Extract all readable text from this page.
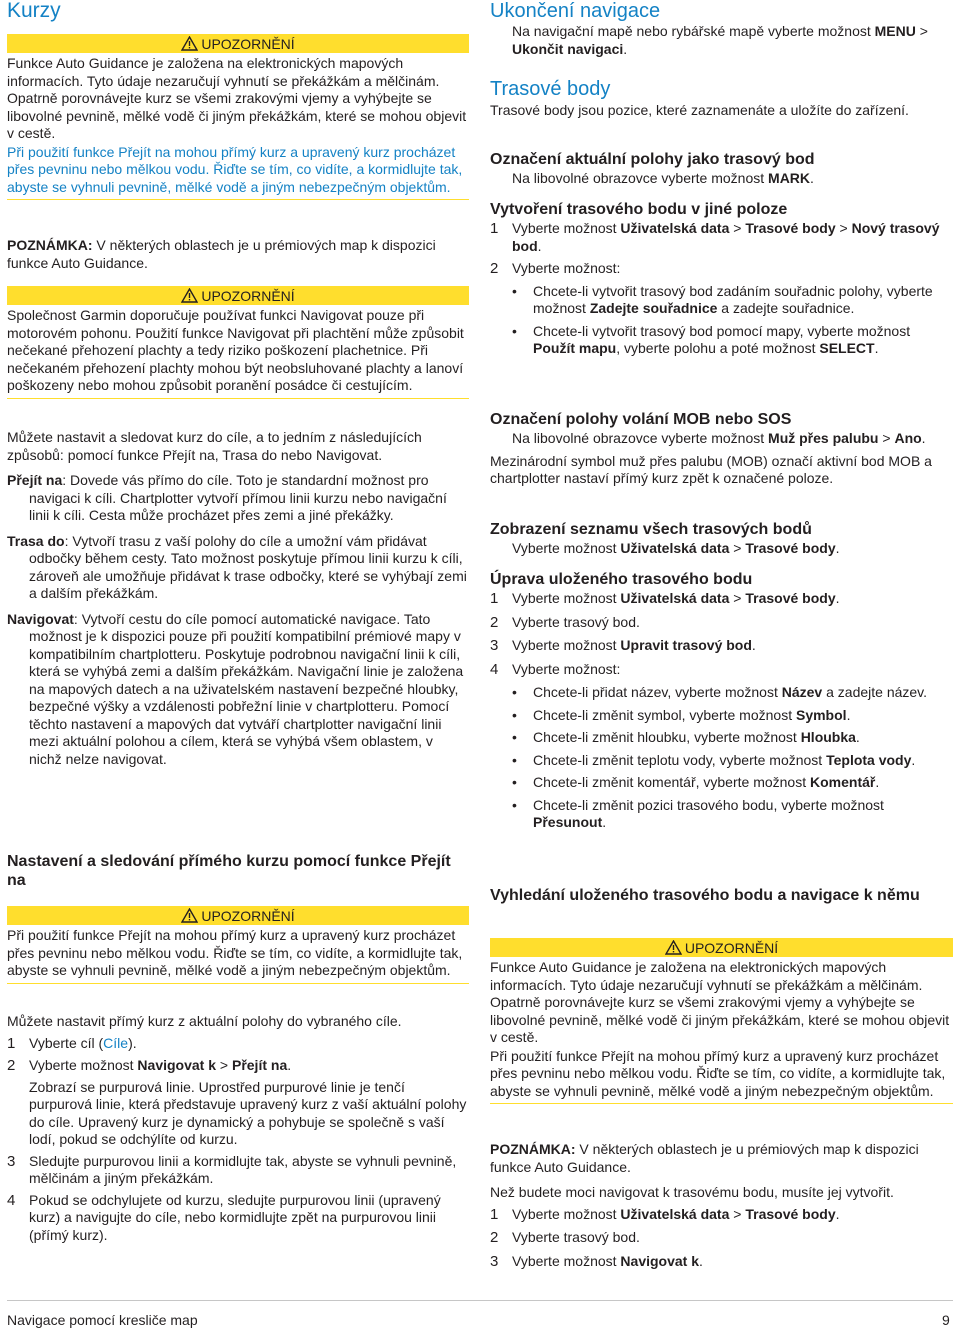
Kurzy
UPOZORNĚNÍ

Funkce Auto Guidance je založena na elektronických mapových informacích. Tyto údaje nezaručují vyhnutí se překážkám a mělčinám. Opatrně porovnávejte kurz se všemi zrakovými vjemy a vyhýbejte se libovolné pevnině, mělké vodě či jiným překážkám, které se mohou objevit v cestě.

Při použití funkce Přejít na mohou přímý kurz a upravený kurz procházet přes pevninu nebo mělkou vodu. Řiďte se tím, co vidíte, a kormidlujte tak, abyste se vyhnuli pevnině, mělké vodě a jiným nebezpečným objektům.

POZNÁMKA: V některých oblastech je u prémiových map k dispozici funkce Auto Guidance.

UPOZORNĚNÍ

Společnost Garmin doporučuje používat funkci Navigovat pouze při motorovém pohonu. Použití funkce Navigovat při plachtění může způsobit nečekané přehození plachty a tedy riziko poškození plachetnice. Při nečekaném přehození plachty mohou být neobsluhované plachty a lanoví poškozeny nebo mohou způsobit poranění posádce či cestujícím.

Můžete nastavit a sledovat kurz do cíle, a to jedním z následujících způsobů: pomocí funkce Přejít na, Trasa do nebo Navigovat.

Přejít na: Dovede vás přímo do cíle. Toto je standardní možnost pro navigaci k cíli. Chartplotter vytvoří přímou linii kurzu nebo navigační linii k cíli. Cesta může procházet přes zemi a jiné překážky.

Trasa do: Vytvoří trasu z vaší polohy do cíle a umožní vám přidávat odbočky během cesty. Tato možnost poskytuje přímou linii kurzu k cíli, zároveň ale umožňuje přidávat k trase odbočky, které se vyhýbají zemi a dalším překážkám.

Navigovat: Vytvoří cestu do cíle pomocí automatické navigace. Tato možnost je k dispozici pouze při použití kompatibilní prémiové mapy v kompatibilním chartplotteru. Poskytuje podrobnou navigační linii k cíli, která se vyhýbá zemi a dalším překážkám. Navigační linie je založena na mapových datech a na uživatelském nastavení bezpečné hloubky, bezpečné výšky a vzdálenosti pobřežní linie v chartplotteru. Pomocí těchto nastavení a mapových dat vytváří chartplotter navigační linii mezi aktuální polohou a cílem, která se vyhýbá všem oblastem, v nichž nelze navigovat.

Nastavení a sledování přímého kurzu pomocí funkce Přejít na
UPOZORNĚNÍ

Při použití funkce Přejít na mohou přímý kurz a upravený kurz procházet přes pevninu nebo mělkou vodu. Řiďte se tím, co vidíte, a kormidlujte tak, abyste se vyhnuli pevnině, mělké vodě a jiným nebezpečným objektům.

Můžete nastavit přímý kurz z aktuální polohy do vybraného cíle.

1 Vyberte cíl (Cíle).
2 Vyberte možnost Navigovat k > Přejít na.

Zobrazí se purpurová linie. Uprostřed purpurové linie je tenčí purpurová linie, která představuje upravený kurz z vaší aktuální polohy do cíle. Upravený kurz je dynamický a pohybuje se společně s vaší lodí, pokud se odchýlíte od kurzu.

3 Sledujte purpurovou linii a kormidlujte tak, abyste se vyhnuli pevnině, mělčinám a jiným překážkám.
4 Pokud se odchylujete od kurzu, sledujte purpurovou linii (upravený kurz) a navigujte do cíle, nebo kormidlujte zpět na purpurovou linii (přímý kurz).
Ukončení navigace

Na navigační mapě nebo rybářské mapě vyberte možnost MENU > Ukončit navigaci.

Trasové body

Trasové body jsou pozice, které zaznamenáte a uložíte do zařízení.

Označení aktuální polohy jako trasový bod

Na libovolné obrazovce vyberte možnost MARK.

Vytvoření trasového bodu v jiné poloze
1 Vyberte možnost Uživatelská data > Trasové body > Nový trasový bod.
2 Vyberte možnost:
• Chcete-li vytvořit trasový bod zadáním souřadnic polohy, vyberte možnost Zadejte souřadnice a zadejte souřadnice.
• Chcete-li vytvořit trasový bod pomocí mapy, vyberte možnost Použít mapu, vyberte polohu a poté možnost SELECT.
Označení polohy volání MOB nebo SOS

Na libovolné obrazovce vyberte možnost Muž přes palubu > Ano.

Mezinárodní symbol muž přes palubu (MOB) označí aktivní bod MOB a chartplotter nastaví přímý kurz zpět k označené poloze.

Zobrazení seznamu všech trasových bodů

Vyberte možnost Uživatelská data > Trasové body.

Úprava uloženého trasového bodu
1 Vyberte možnost Uživatelská data > Trasové body.
2 Vyberte trasový bod.
3 Vyberte možnost Upravit trasový bod.
4 Vyberte možnost:
• Chcete-li přidat název, vyberte možnost Název a zadejte název.
• Chcete-li změnit symbol, vyberte možnost Symbol.
• Chcete-li změnit hloubku, vyberte možnost Hloubka.
• Chcete-li změnit teplotu vody, vyberte možnost Teplota vody.
• Chcete-li změnit komentář, vyberte možnost Komentář.
• Chcete-li změnit pozici trasového bodu, vyberte možnost Přesunout.
Vyhledání uloženého trasového bodu a navigace k němu
UPOZORNĚNÍ

Funkce Auto Guidance je založena na elektronických mapových informacích. Tyto údaje nezaručují vyhnutí se překážkám a mělčinám. Opatrně porovnávejte kurz se všemi zrakovými vjemy a vyhýbejte se libovolné pevnině, mělké vodě či jiným překážkám, které se mohou objevit v cestě.

Při použití funkce Přejít na mohou přímý kurz a upravený kurz procházet přes pevninu nebo mělkou vodu. Řiďte se tím, co vidíte, a kormidlujte tak, abyste se vyhnuli pevnině, mělké vodě a jiným nebezpečným objektům.

POZNÁMKA: V některých oblastech je u prémiových map k dispozici funkce Auto Guidance.

Než budete moci navigovat k trasovému bodu, musíte jej vytvořit.

1 Vyberte možnost Uživatelská data > Trasové body.
2 Vyberte trasový bod.
3 Vyberte možnost Navigovat k.
Navigace pomocí kresliče map	9
